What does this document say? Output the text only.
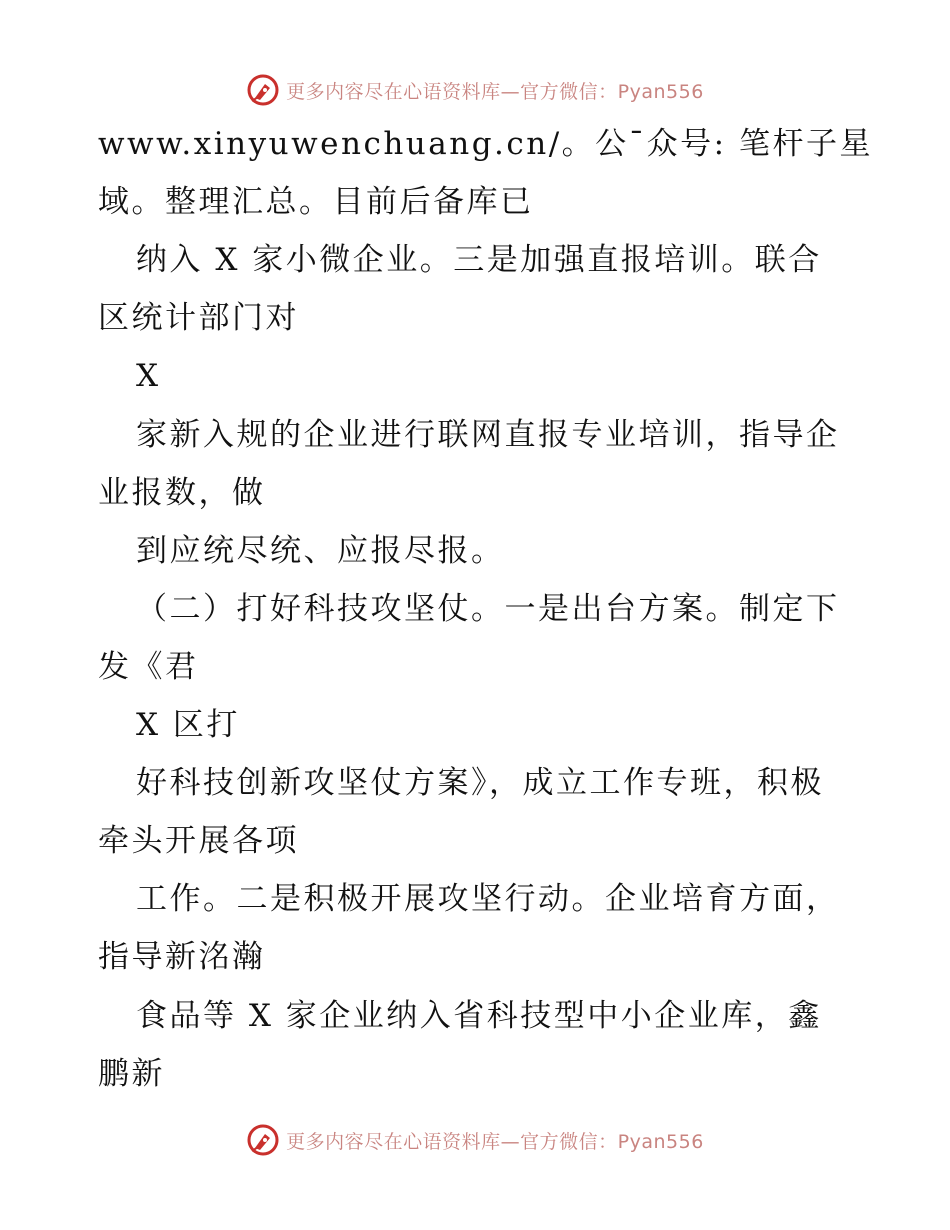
更多内容尽在心语资料库—官方微信：Pyan556
www.xinyuwenchuang.cn/。公¯众号: 笔杆子星
域。整理汇总。目前后备库已
纳入 X 家小微企业。三是加强直报培训。联合
区统计部门对
X
家新入规的企业进行联网直报专业培训，指导企
业报数，做
到应统尽统、应报尽报。
（二）打好科技攻坚仗。一是出台方案。制定下
发《君
X 区打
好科技创新攻坚仗方案》，成立工作专班，积极
牵头开展各项
工作。二是积极开展攻坚行动。企业培育方面，
指导新洺瀚
食品等 X 家企业纳入省科技型中小企业库，鑫
鹏新
更多内容尽在心语资料库—官方微信：Pyan556
